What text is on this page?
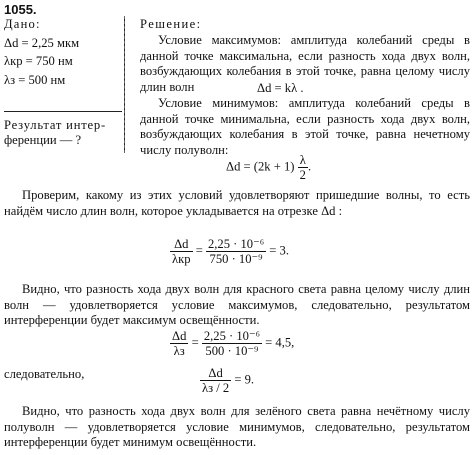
1055.
Дано:
Δd = 2,25 мкм
λкр = 750 нм
λз = 500 нм
Результат интер-
ференции — ?
Решение:
Условие максимумов: амплитуда колебаний среды в данной точке максимальна, если разность хода двух волн, возбуждающих колебания в этой точке, равна целому числу длин волн	Δd = kλ .
Условие минимумов: амплитуда колебаний среды в данной точке минимальна, если разность хода двух волн, возбуждающих колебания в этой точке, равна нечетному числу полуволн:
$\Delta d = (2k + 1) \frac{\lambda}{2}$ .
Проверим, какому из этих условий удовлетворяют пришедшие волны, то есть найдём число длин волн, которое укладывается на отрезке Δd :
$\frac{\Delta d}{\text{λкр}} = \frac{\text{2,25 · 10⁻⁶}}{\text{750 · 10⁻⁹}} = 3$.
Видно, что разность хода двух волн для красного света равна целому числу длин волн — удовлетворяется условие максимумов, следовательно, результатом интерференции будет максимум освещённости.
$\frac{\Delta d}{\lambda з} = \frac{\text{2,25 · 10⁻⁶}}{\text{500 · 10⁻⁹}} = 4,5$,
следовательно,	$\frac{\Delta d}{\lambda з / 2} = 9$.
Видно, что разность хода двух волн для зелёного света равна нечётному числу полуволн — удовлетворяется условие минимумов, следовательно, результатом интерференции будет минимум освещённости.
